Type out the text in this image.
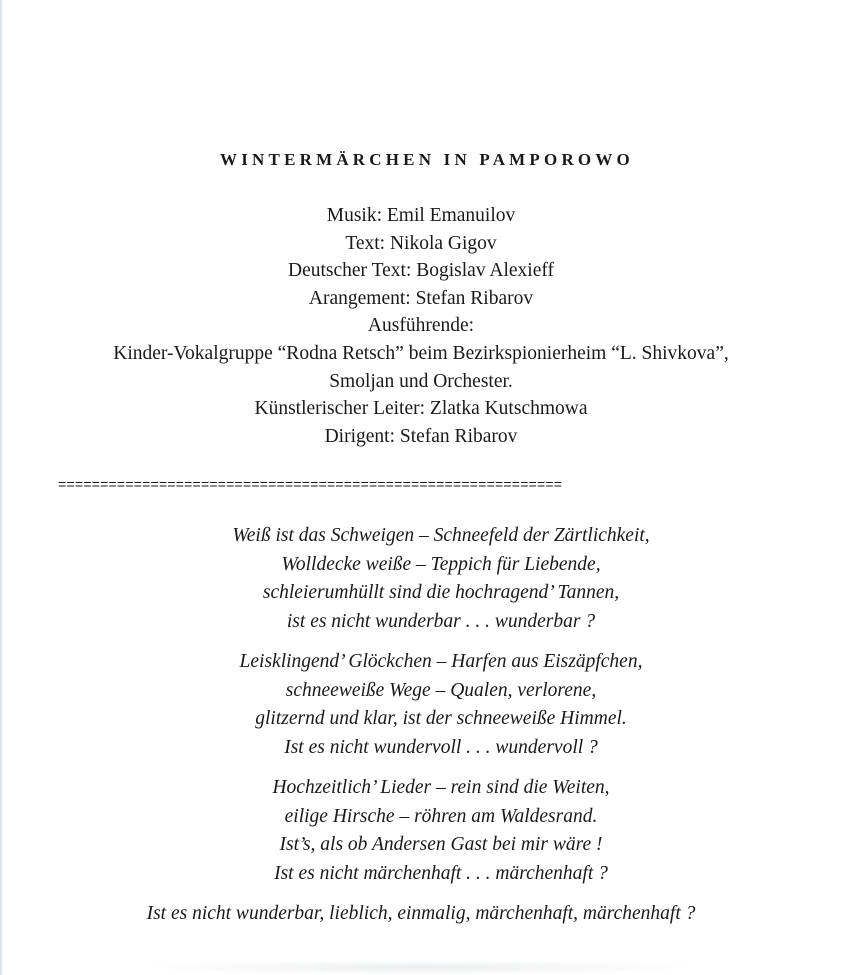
WINTERMÄRCHEN IN PAMPOROWO
Musik: Emil Emanuilov
Text: Nikola Gigov
Deutscher Text: Bogislav Alexieff
Arangement: Stefan Ribarov
Ausführende:
Kinder-Vokalgruppe “Rodna Retsch” beim Bezirkspionierheim “L. Shivkova”,
Smoljan und Orchester.
Künstlerischer Leiter: Zlatka Kutschmowa
Dirigent: Stefan Ribarov
============================================================
Weiß ist das Schweigen – Schneefeld der Zärtlichkeit,
Wolldecke weiße – Teppich für Liebende,
schleierumhüllt sind die hochragend’ Tannen,
ist es nicht wunderbar . . . wunderbar ?
Leisklingend’ Glöckchen – Harfen aus Eiszäpfchen,
schneeweiße Wege – Qualen, verlorene,
glitzernd und klar, ist der schneeweiße Himmel.
Ist es nicht wundervoll . . . wundervoll ?
Hochzeitlich’ Lieder – rein sind die Weiten,
eilige Hirsche – röhren am Waldesrand.
Ist’s, als ob Andersen Gast bei mir wäre !
Ist es nicht märchenhaft . . . märchenhaft ?
Ist es nicht wunderbar, lieblich, einmalig, märchenhaft, märchenhaft ?
